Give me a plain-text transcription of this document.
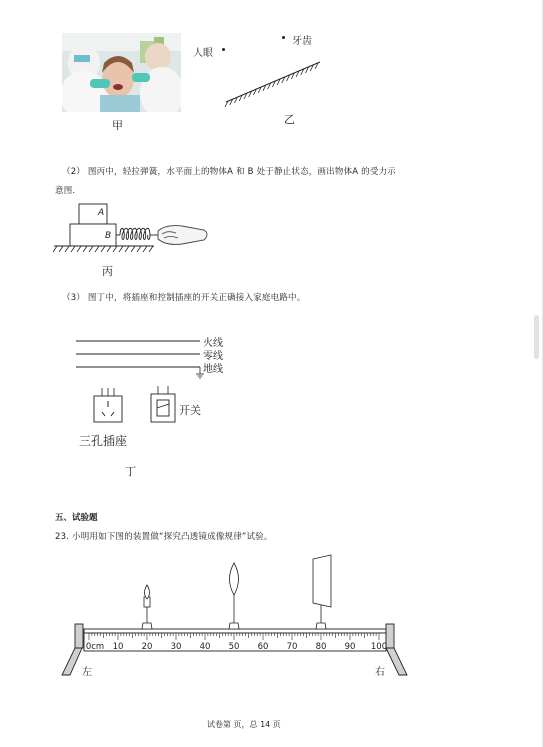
甲
人眼
牙齿
乙
（2） 图丙中，轻拉弹簧，水平面上的物体A 和 B 处于静止状态，画出物体A 的受力示
意图.
A
B
丙
（3） 图丁中，将插座和控制插座的开关正确接入家庭电路中。
火线
零线
地线
开关
三孔插座
丁
五、试验题
23. 小明用如下图的装置做“探究凸透镜成像规律”试验。
0cm 10 20 30 40 50 60 70 80 90 100
左	右
试卷第 页，总 14 页
